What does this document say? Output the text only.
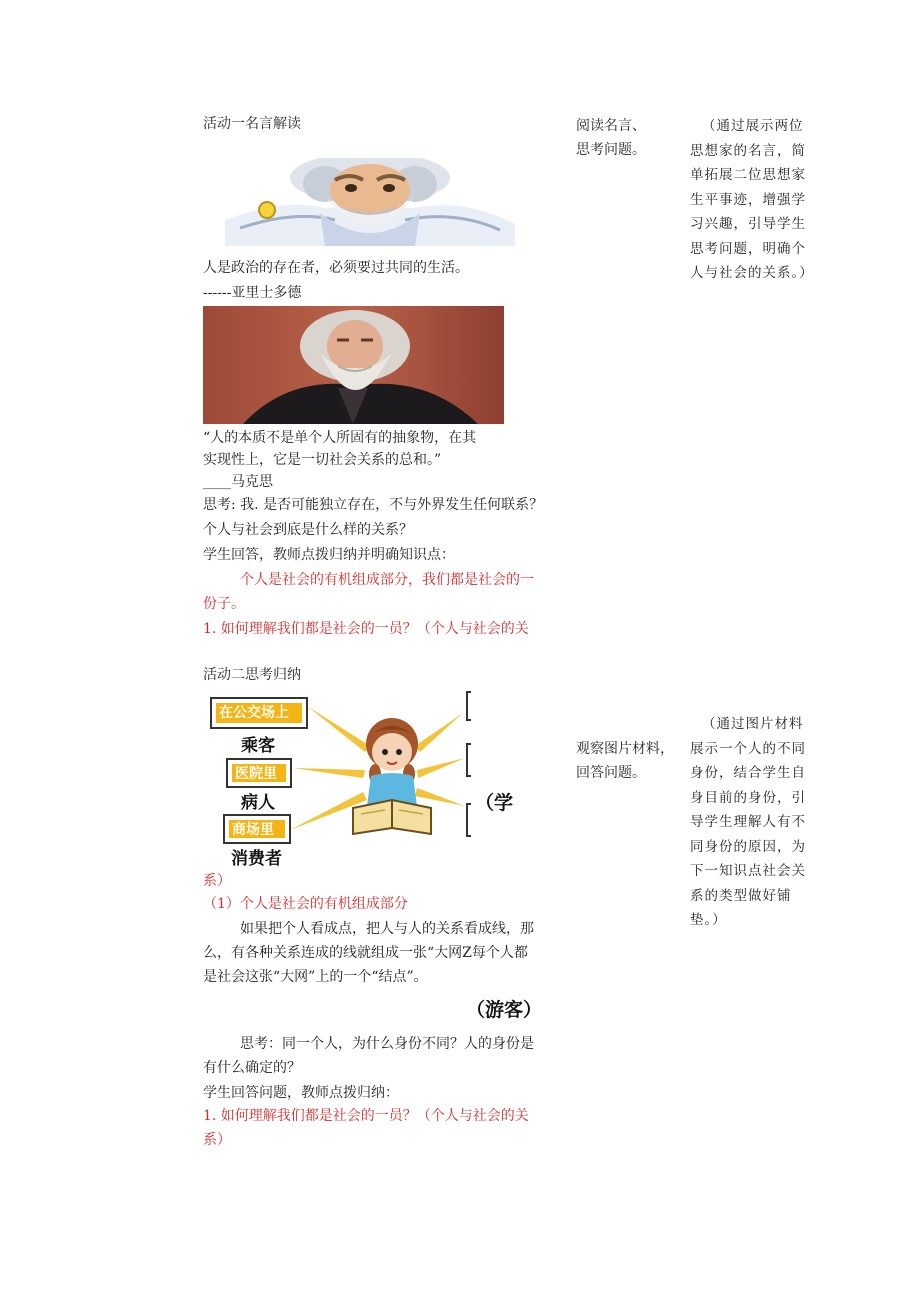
活动一名言解读
人是政治的存在者，必须要过共同的生活。
------亚里士多德
“人的本质不是单个人所固有的抽象物，在其
实现性上，它是一切社会关系的总和。”
____马克思
思考: 我. 是否可能独立存在，不与外界发生任何联系？
个人与社会到底是什么样的关系？
学生回答，教师点拨归纳并明确知识点：
个人是社会的有机组成部分，我们都是社会的一
份子。
1. 如何理解我们都是社会的一员？（个人与社会的关
活动二思考归纳
在公交场上
乘客
医院里
病人
商场里
消费者
（学
系）
（1）个人是社会的有机组成部分
如果把个人看成点，把人与人的关系看成线，那
么，有各种关系连成的线就组成一张“大网Z每个人都
是社会这张“大网”上的一个“结点”。
（游客）
思考：同一个人，为什么身份不同？人的身份是
有什么确定的？
学生回答问题，教师点拨归纳：
1. 如何理解我们都是社会的一员？（个人与社会的关
系）
阅读名言、
思考问题。
观察图片材料，
回答问题。
（通过展示两位
思想家的名言，简
单拓展二位思想家
生平事迹，增强学
习兴趣，引导学生
思考问题，明确个
人与社会的关系。）
（通过图片材料
展示一个人的不同
身份，结合学生自
身目前的身份，引
导学生理解人有不
同身份的原因，为
下一知识点社会关
系的类型做好铺
垫。）
